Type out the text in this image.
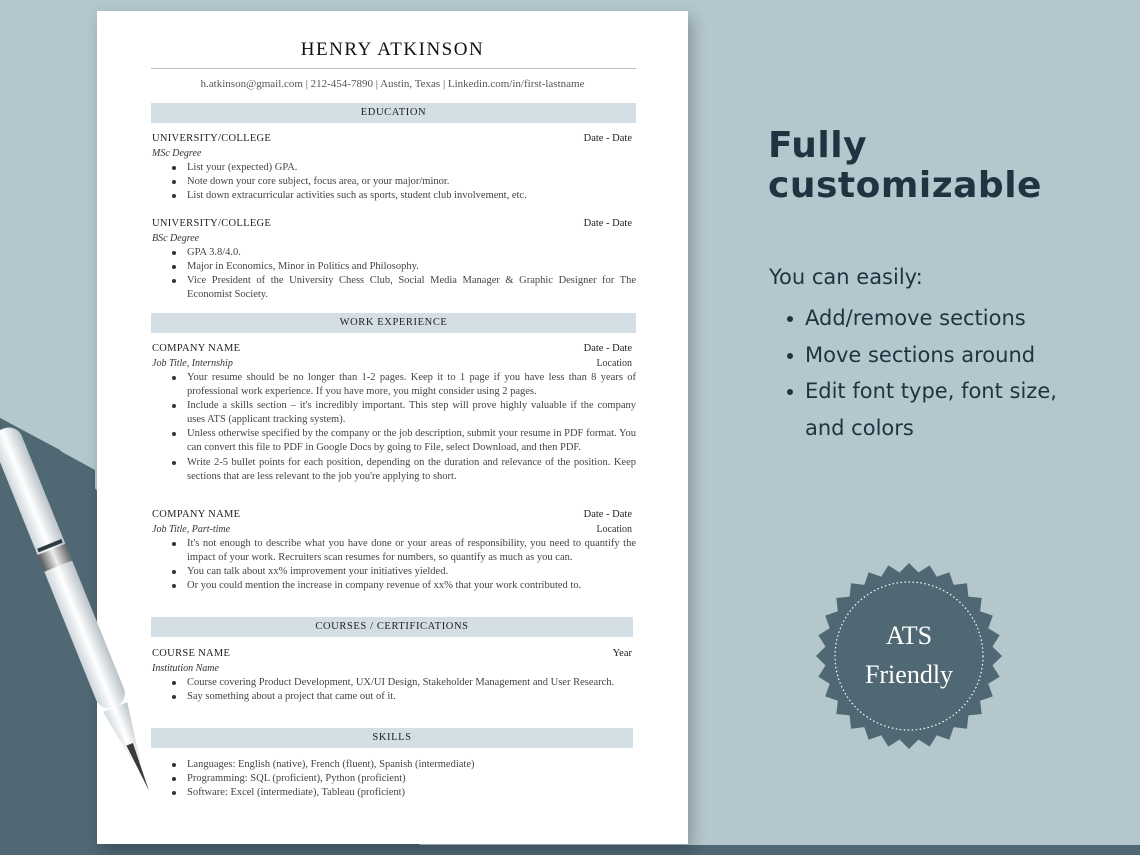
HENRY ATKINSON
h.atkinson@gmail.com | 212-454-7890 | Austin, Texas | Linkedin.com/in/first-lastname
EDUCATION
UNIVERSITY/COLLEGE	Date - Date
MSc Degree
List your (expected) GPA.
Note down your core subject, focus area, or your major/minor.
List down extracurricular activities such as sports, student club involvement, etc.
UNIVERSITY/COLLEGE	Date - Date
BSc Degree
GPA 3.8/4.0.
Major in Economics, Minor in Politics and Philosophy.
Vice President of the University Chess Club, Social Media Manager & Graphic Designer for The Economist Society.
WORK EXPERIENCE
COMPANY NAME	Date - Date
Job Title, Internship	Location
Your resume should be no longer than 1-2 pages. Keep it to 1 page if you have less than 8 years of professional work experience. If you have more, you might consider using 2 pages.
Include a skills section – it's incredibly important. This step will prove highly valuable if the company uses ATS (applicant tracking system).
Unless otherwise specified by the company or the job description, submit your resume in PDF format. You can convert this file to PDF in Google Docs by going to File, select Download, and then PDF.
Write 2-5 bullet points for each position, depending on the duration and relevance of the position. Keep sections that are less relevant to the job you're applying to short.
COMPANY NAME	Date - Date
Job Title, Part-time	Location
It's not enough to describe what you have done or your areas of responsibility, you need to quantify the impact of your work. Recruiters scan resumes for numbers, so quantify as much as you can.
You can talk about xx% improvement your initiatives yielded.
Or you could mention the increase in company revenue of xx% that your work contributed to.
COURSES / CERTIFICATIONS
COURSE NAME	Year
Institution Name
Course covering Product Development, UX/UI Design, Stakeholder Management and User Research.
Say something about a project that came out of it.
SKILLS
Languages: English (native), French (fluent), Spanish (intermediate)
Programming: SQL (proficient), Python (proficient)
Software: Excel (intermediate), Tableau (proficient)
Fully
customizable
You can easily:
Add/remove sections
Move sections around
Edit font type, font size,
and colors
ATS
Friendly
